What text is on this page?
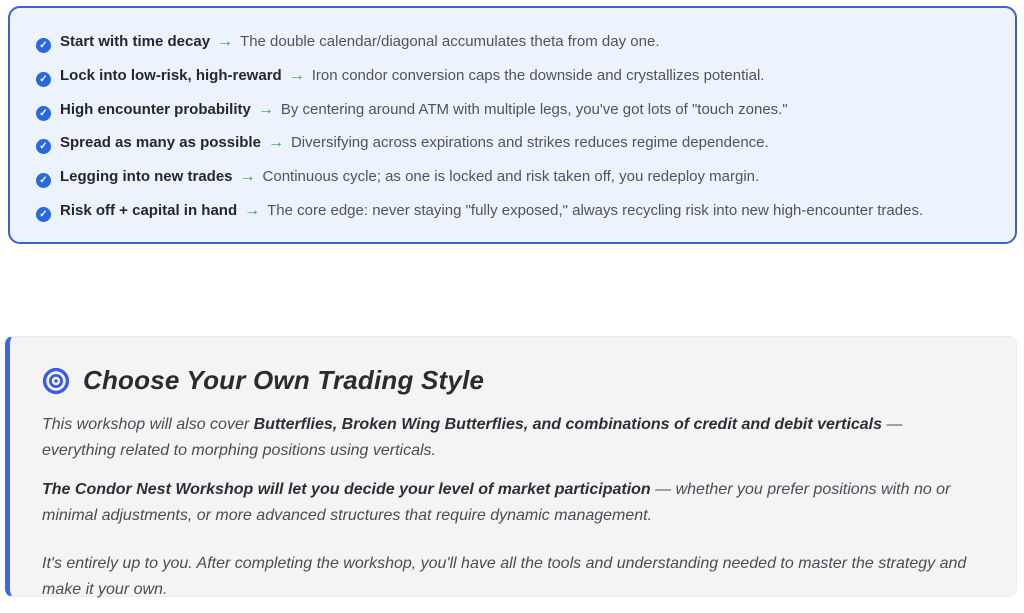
✓ Start with time decay → The double calendar/diagonal accumulates theta from day one.
✓ Lock into low-risk, high-reward → Iron condor conversion caps the downside and crystallizes potential.
✓ High encounter probability → By centering around ATM with multiple legs, you've got lots of "touch zones."
✓ Spread as many as possible → Diversifying across expirations and strikes reduces regime dependence.
✓ Legging into new trades → Continuous cycle; as one is locked and risk taken off, you redeploy margin.
✓ Risk off + capital in hand → The core edge: never staying "fully exposed," always recycling risk into new high-encounter trades.
Choose Your Own Trading Style

This workshop will also cover Butterflies, Broken Wing Butterflies, and combinations of credit and debit verticals — everything related to morphing positions using verticals.

The Condor Nest Workshop will let you decide your level of market participation — whether you prefer positions with no or minimal adjustments, or more advanced structures that require dynamic management.

It's entirely up to you. After completing the workshop, you'll have all the tools and understanding needed to master the strategy and make it your own.
